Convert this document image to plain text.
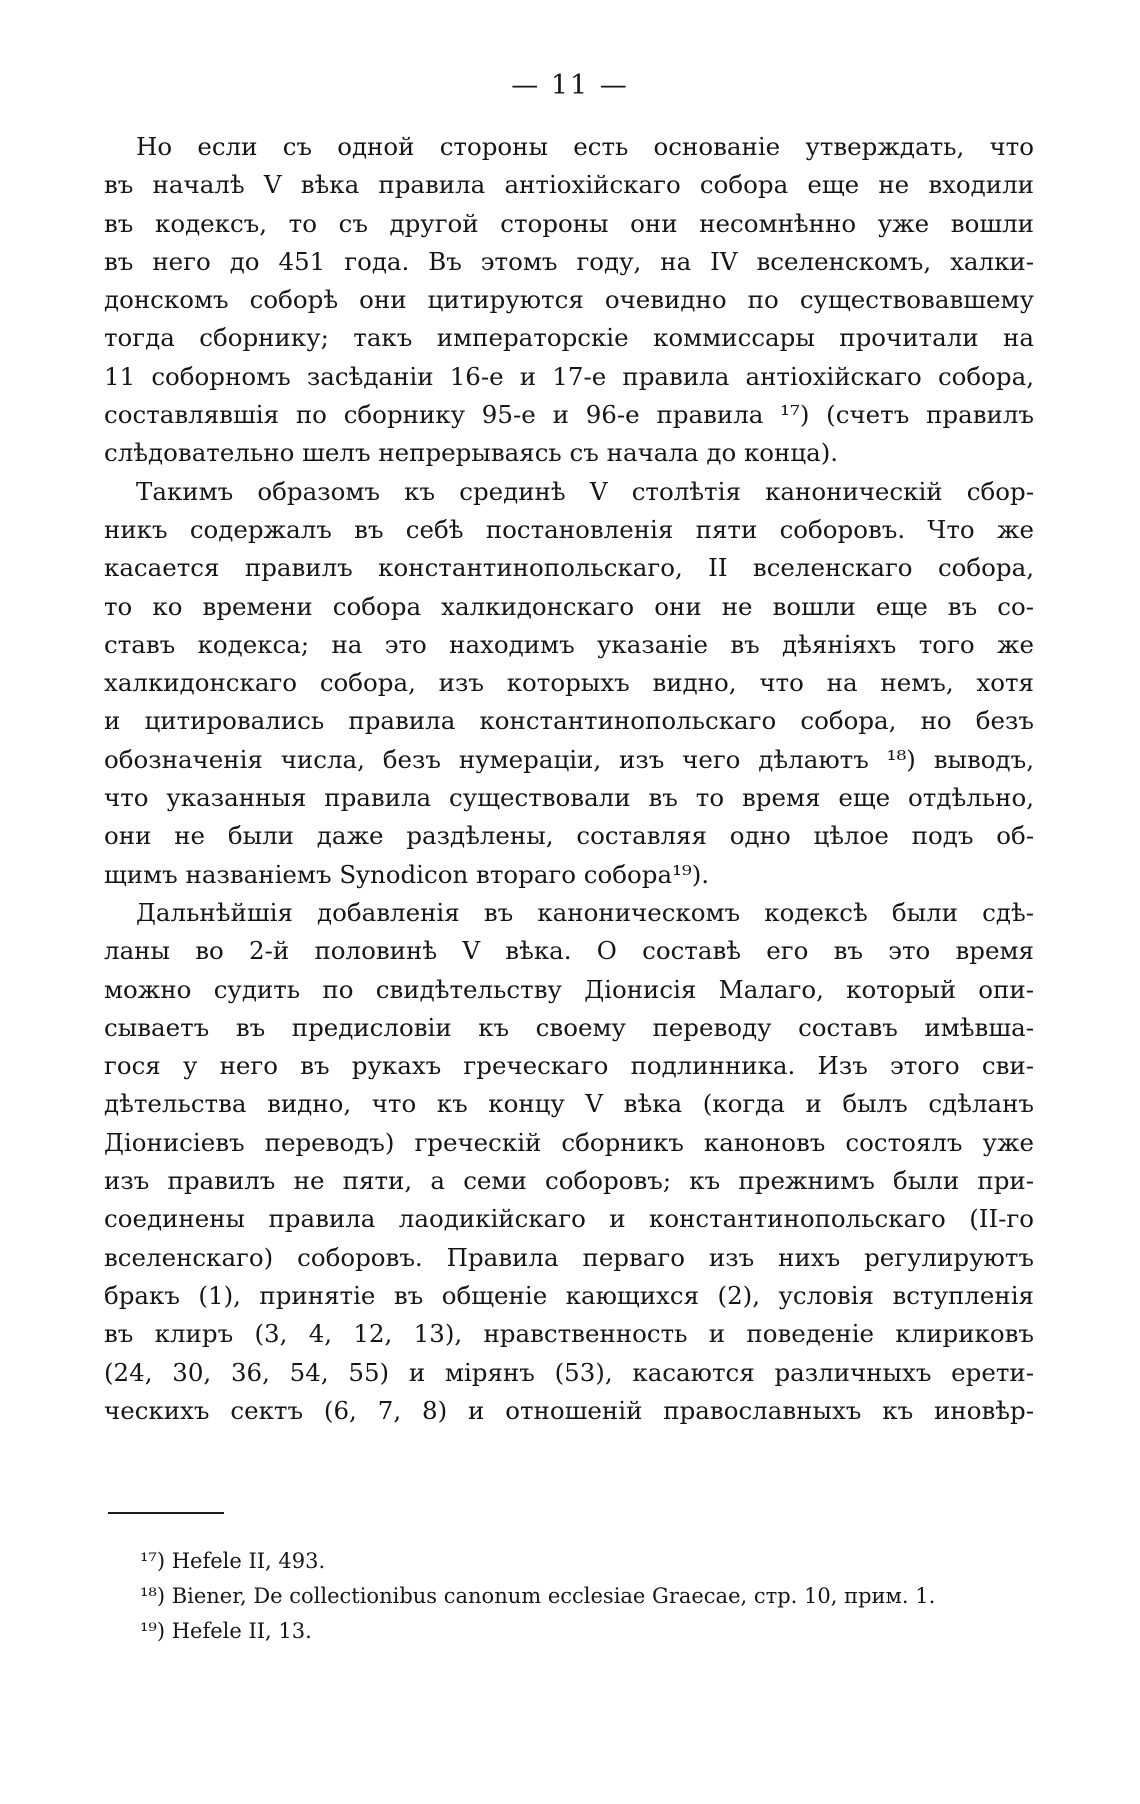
— 11 —
Но если съ одной стороны есть основаніе утверждать, что
въ началѣ V вѣка правила антіохійскаго собора еще не входили
въ кодексъ, то съ другой стороны они несомнѣнно уже вошли
въ него до 451 года. Въ этомъ году, на IV вселенскомъ, халки-
донскомъ соборѣ они цитируются очевидно по существовавшему
тогда сборнику; такъ императорскіе коммиссары прочитали на
11 соборномъ засѣданіи 16-е и 17-е правила антіохійскаго собора,
составлявшія по сборнику 95-е и 96-е правила ¹⁷) (счетъ правилъ
слѣдовательно шелъ непрерываясь съ начала до конца).
Такимъ образомъ къ срединѣ V столѣтія каноническій сбор-
никъ содержалъ въ себѣ постановленія пяти соборовъ. Что же
касается правилъ константинопольскаго, II вселенскаго собора,
то ко времени собора халкидонскаго они не вошли еще въ со-
ставъ кодекса; на это находимъ указаніе въ дѣяніяхъ того же
халкидонскаго собора, изъ которыхъ видно, что на немъ, хотя
и цитировались правила константинопольскаго собора, но безъ
обозначенія числа, безъ нумераціи, изъ чего дѣлаютъ ¹⁸) выводъ,
что указанныя правила существовали въ то время еще отдѣльно,
они не были даже раздѣлены, составляя одно цѣлое подъ об-
щимъ названіемъ Synodicon втораго собора¹⁹).
Дальнѣйшія добавленія въ каноническомъ кодексѣ были сдѣ-
ланы во 2-й половинѣ V вѣка. О составѣ его въ это время
можно судить по свидѣтельству Діонисія Малаго, который опи-
сываетъ въ предисловіи къ своему переводу составъ имѣвша-
гося у него въ рукахъ греческаго подлинника. Изъ этого сви-
дѣтельства видно, что къ концу V вѣка (когда и былъ сдѣланъ
Діонисіевъ переводъ) греческій сборникъ каноновъ состоялъ уже
изъ правилъ не пяти, а семи соборовъ; къ прежнимъ были при-
соединены правила лаодикійскаго и константинопольскаго (II-го
вселенскаго) соборовъ. Правила перваго изъ нихъ регулируютъ
бракъ (1), принятіе въ общеніе кающихся (2), условія вступленія
въ клиръ (3, 4, 12, 13), нравственность и поведеніе клириковъ
(24, 30, 36, 54, 55) и мірянъ (53), касаются различныхъ ерети-
ческихъ сектъ (6, 7, 8) и отношеній православныхъ къ иновѣр-
¹⁷) Hefele II, 493.
¹⁸) Biener, De collectionibus canonum ecclesiae Graecae, стр. 10, прим. 1.
¹⁹) Hefele II, 13.
